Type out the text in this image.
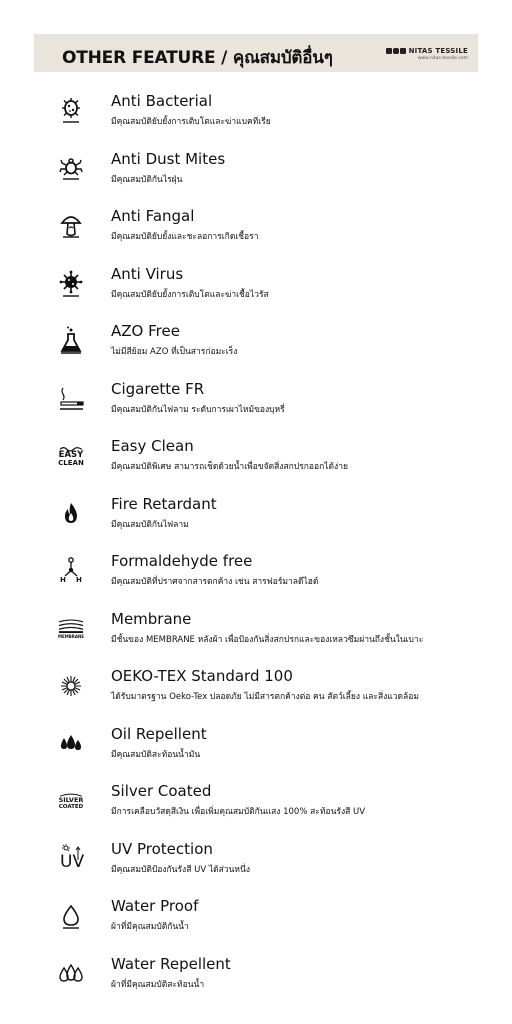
OTHER FEATURE / คุณสมบัติอื่นๆ	NITAS TESSILE
www.nitas-tessile.com
Anti Bacterial
มีคุณสมบัติยับยั้งการเติบโตและฆ่าแบคทีเรีย
Anti Dust Mites
มีคุณสมบัติกันไรฝุ่น
Anti Fangal
มีคุณสมบัติยับยั้งและชะลอการเกิดเชื้อรา
Anti Virus
มีคุณสมบัติยับยั้งการเติบโตและฆ่าเชื้อไวรัส
AZO Free
ไม่มีสีย้อม AZO ที่เป็นสารก่อมะเร็ง
Cigarette FR
มีคุณสมบัติกันไฟลาม ระดับการเผาไหม้ของบุหรี่
EASY
CLEAN
Easy Clean
มีคุณสมบัติพิเศษ สามารถเช็ดด้วยน้ำเพื่อขจัดสิ่งสกปรกออกได้ง่าย
Fire Retardant
มีคุณสมบัติกันไฟลาม
H H
Formaldehyde free
มีคุณสมบัติที่ปราศจากสารตกค้าง เช่น สารฟอร์มาลดีไฮด์
MEMBRANE
Membrane
มีชั้นของ MEMBRANE หลังผ้า เพื่อป้องกันสิ่งสกปรกและของเหลวซึมผ่านถึงชั้นในเบาะ
OEKO-TEX Standard 100
ได้รับมาตรฐาน Oeko-Tex ปลอดภัย ไม่มีสารตกค้างต่อ คน สัตว์เลี้ยง และสิ่งแวดล้อม
Oil Repellent
มีคุณสมบัติสะท้อนน้ำมัน
SILVER
COATED
Silver Coated
มีการเคลือบวัสดุสีเงิน เพื่อเพิ่มคุณสมบัติกันแสง 100% สะท้อนรังสี UV
UV
UV Protection
มีคุณสมบัติป้องกันรังสี UV ได้ส่วนหนึ่ง
Water Proof
ผ้าที่มีคุณสมบัติกันน้ำ
Water Repellent
ผ้าที่มีคุณสมบัติสะท้อนน้ำ
